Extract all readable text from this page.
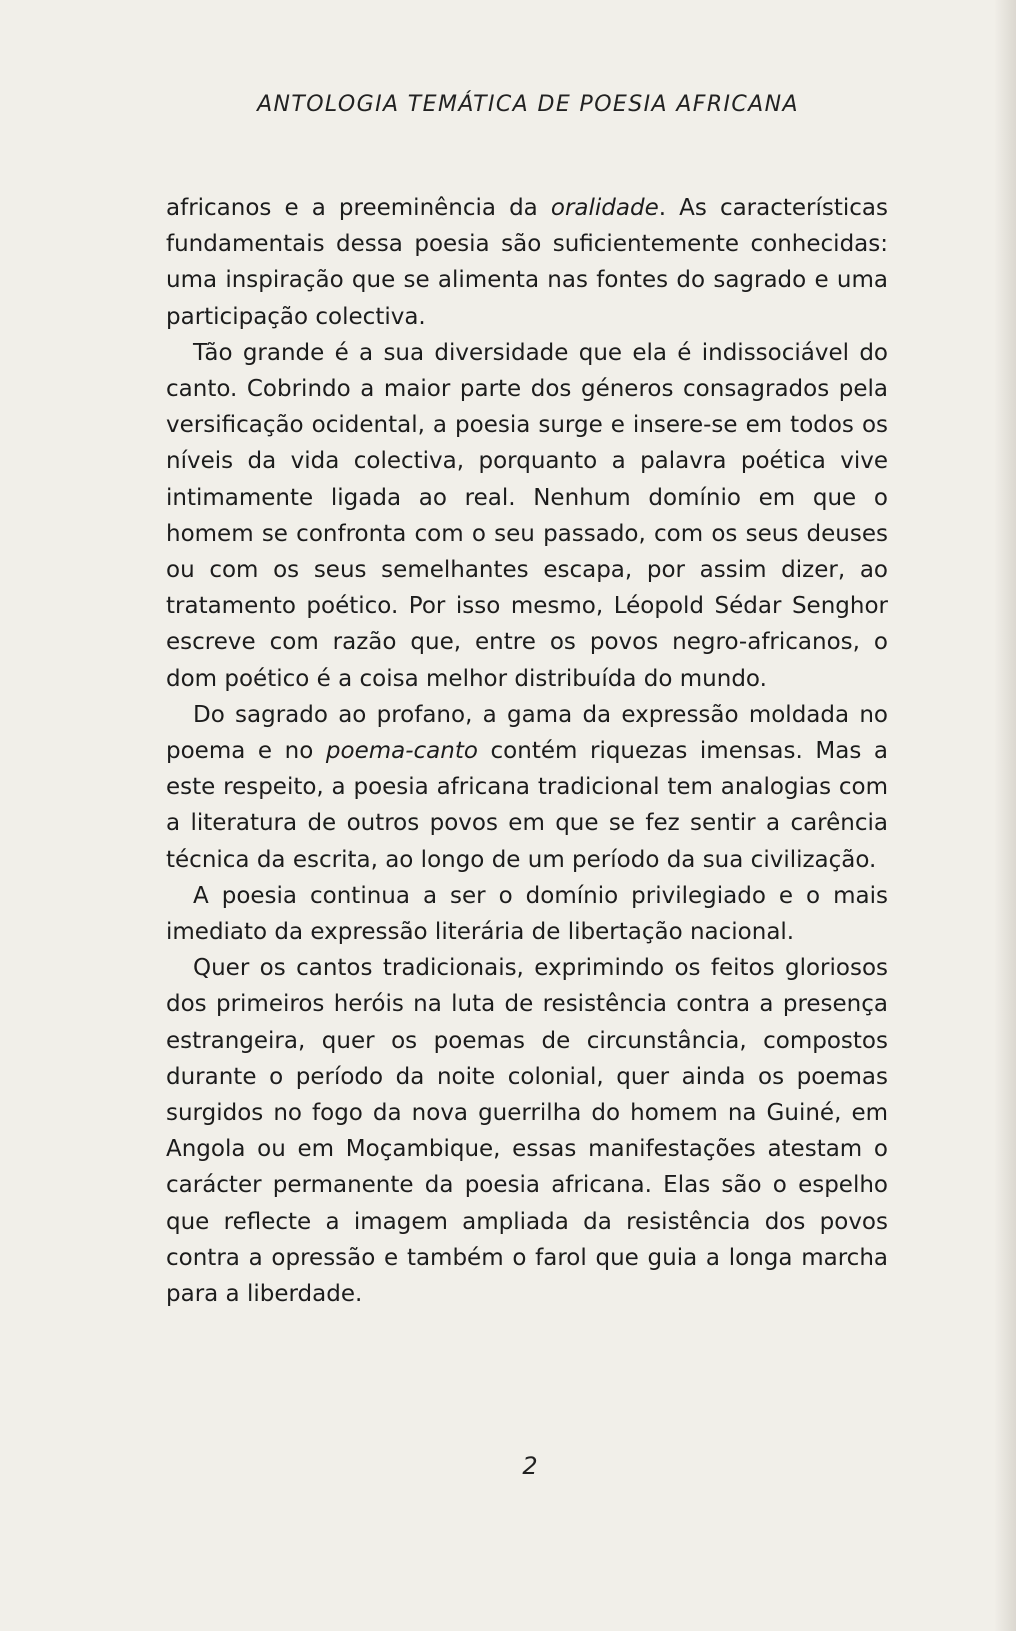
ANTOLOGIA TEMÁTICA DE POESIA AFRICANA

africanos e a preeminência da oralidade. As características fundamentais dessa poesia são suficientemente conhecidas: uma inspiração que se alimenta nas fontes do sagrado e uma participação colectiva.

Tão grande é a sua diversidade que ela é indissociável do canto. Cobrindo a maior parte dos géneros consagrados pela versificação ocidental, a poesia surge e insere-se em todos os níveis da vida colectiva, porquanto a palavra poética vive intimamente ligada ao real. Nenhum domínio em que o homem se confronta com o seu passado, com os seus deuses ou com os seus semelhantes escapa, por assim dizer, ao tratamento poético. Por isso mesmo, Léopold Sédar Senghor escreve com razão que, entre os povos negro-africanos, o dom poético é a coisa melhor distribuída do mundo.

Do sagrado ao profano, a gama da expressão moldada no poema e no poema-canto contém riquezas imensas. Mas a este respeito, a poesia africana tradicional tem analogias com a literatura de outros povos em que se fez sentir a carência técnica da escrita, ao longo de um período da sua civilização.

A poesia continua a ser o domínio privilegiado e o mais imediato da expressão literária de libertação nacional.

Quer os cantos tradicionais, exprimindo os feitos gloriosos dos primeiros heróis na luta de resistência contra a presença estrangeira, quer os poemas de circunstância, compostos durante o período da noite colonial, quer ainda os poemas surgidos no fogo da nova guerrilha do homem na Guiné, em Angola ou em Moçambique, essas manifestações atestam o carácter permanente da poesia africana. Elas são o espelho que reflecte a imagem ampliada da resistência dos povos contra a opressão e também o farol que guia a longa marcha para a liberdade.

2
